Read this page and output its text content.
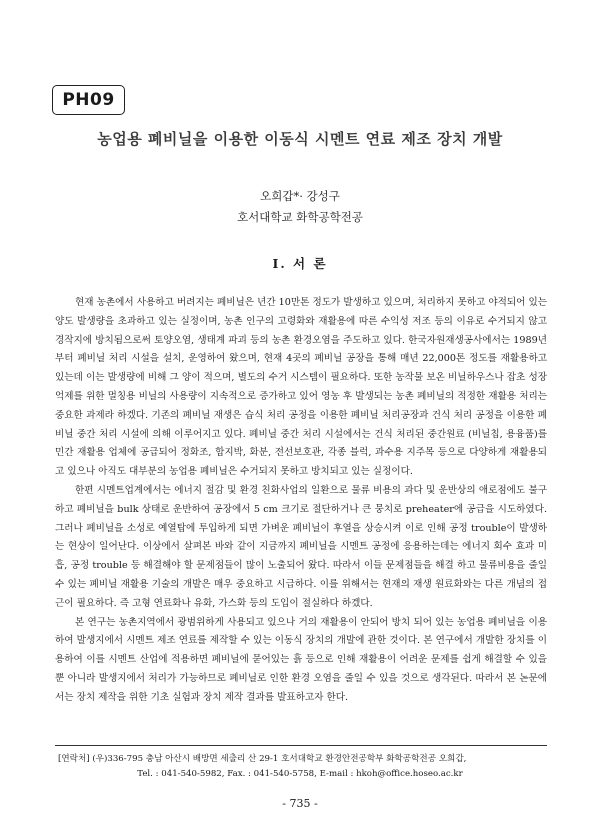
PH09
농업용 폐비닐을 이용한 이동식 시멘트 연료 제조 장치 개발
오희갑*· 강성구
호서대학교 화학공학전공
I. 서 론

현재 농촌에서 사용하고 버려지는 폐비닐은 년간 10만톤 정도가 발생하고 있으며, 처리하지 못하고 야적되어 있는 양도 발생량을 초과하고 있는 실정이며, 농촌 인구의 고령화와 재활용에 따른 수익성 저조 등의 이유로 수거되지 않고 경작지에 방치됨으로써 토양오염, 생태계 파괴 등의 농촌 환경오염을 주도하고 있다. 한국자원재생공사에서는 1989년부터 폐비닐 처리 시설을 설치, 운영하여 왔으며, 현재 4곳의 폐비닐 공장을 통해 매년 22,000톤 정도를 재활용하고 있는데 이는 발생량에 비해 그 양이 적으며, 별도의 수거 시스템이 필요하다. 또한 농작물 보온 비닐하우스나 잡초 성장 억제를 위한 멀칭용 비닐의 사용량이 지속적으로 증가하고 있어 영농 후 발생되는 농촌 폐비닐의 적정한 재활용 처리는 중요한 과제라 하겠다. 기존의 폐비닐 재생은 습식 처리 공정을 이용한 폐비닐 처리공장과 건식 처리 공정을 이용한 폐비닐 중간 처리 시설에 의해 이루어지고 있다. 폐비닐 중간 처리 시설에서는 건식 처리된 중간원료 (비닐칩, 용융품)를 민간 재활용 업체에 공급되어 정화조, 합지박, 화분, 전선보호관, 각종 블럭, 과수용 지주목 등으로 다양하게 재활용되고 있으나 아직도 대부분의 농업용 폐비닐은 수거되지 못하고 방치되고 있는 실정이다.

한편 시멘트업계에서는 에너지 절감 및 환경 친화사업의 일환으로 물류 비용의 과다 및 운반상의 애로점에도 불구하고 폐비닐을 bulk 상태로 운반하여 공장에서 5 cm 크기로 절단하거나 큰 뭉치로 preheater에 공급을 시도하였다. 그러나 폐비닐을 소성로 예열탑에 투입하게 되면 가벼운 폐비닐이 후열을 상승시켜 이로 인해 공정 trouble이 발생하는 현상이 일어난다. 이상에서 살펴본 바와 같이 지금까지 폐비닐을 시멘트 공정에 응용하는데는 에너지 회수 효과 미흡, 공정 trouble 등 해결해야 할 문제점들이 많이 노출되어 왔다. 따라서 이들 문제점들을 해결 하고 물류비용을 줄일 수 있는 폐비닐 재활용 기술의 개발은 매우 중요하고 시급하다. 이를 위해서는 현재의 재생 원료화와는 다른 개념의 접근이 필요하다. 즉 고형 연료화나 유화, 가스화 등의 도입이 절실하다 하겠다.

본 연구는 농촌지역에서 광범위하게 사용되고 있으나 거의 재활용이 안되어 방치 되어 있는 농업용 폐비닐을 이용하여 발생지에서 시멘트 제조 연료를 제작할 수 있는 이동식 장치의 개발에 관한 것이다. 본 연구에서 개발한 장치를 이용하여 이를 시멘트 산업에 적용하면 폐비닐에 묻어있는 흙 등으로 인해 재활용이 어려운 문제를 쉽게 해결할 수 있을 뿐 아니라 발생지에서 처리가 가능하므로 폐비닐로 인한 환경 오염을 줄일 수 있을 것으로 생각된다. 따라서 본 논문에서는 장치 제작을 위한 기초 실험과 장치 제작 결과를 발표하고자 한다.

[연락처] (우)336-795 충남 아산시 배방면 세출리 산 29-1 호서대학교 환경안전공학부 화학공학전공 오희갑,
Tel. : 041-540-5982, Fax. : 041-540-5758, E-mail : hkoh@office.hoseo.ac.kr
- 735 -
